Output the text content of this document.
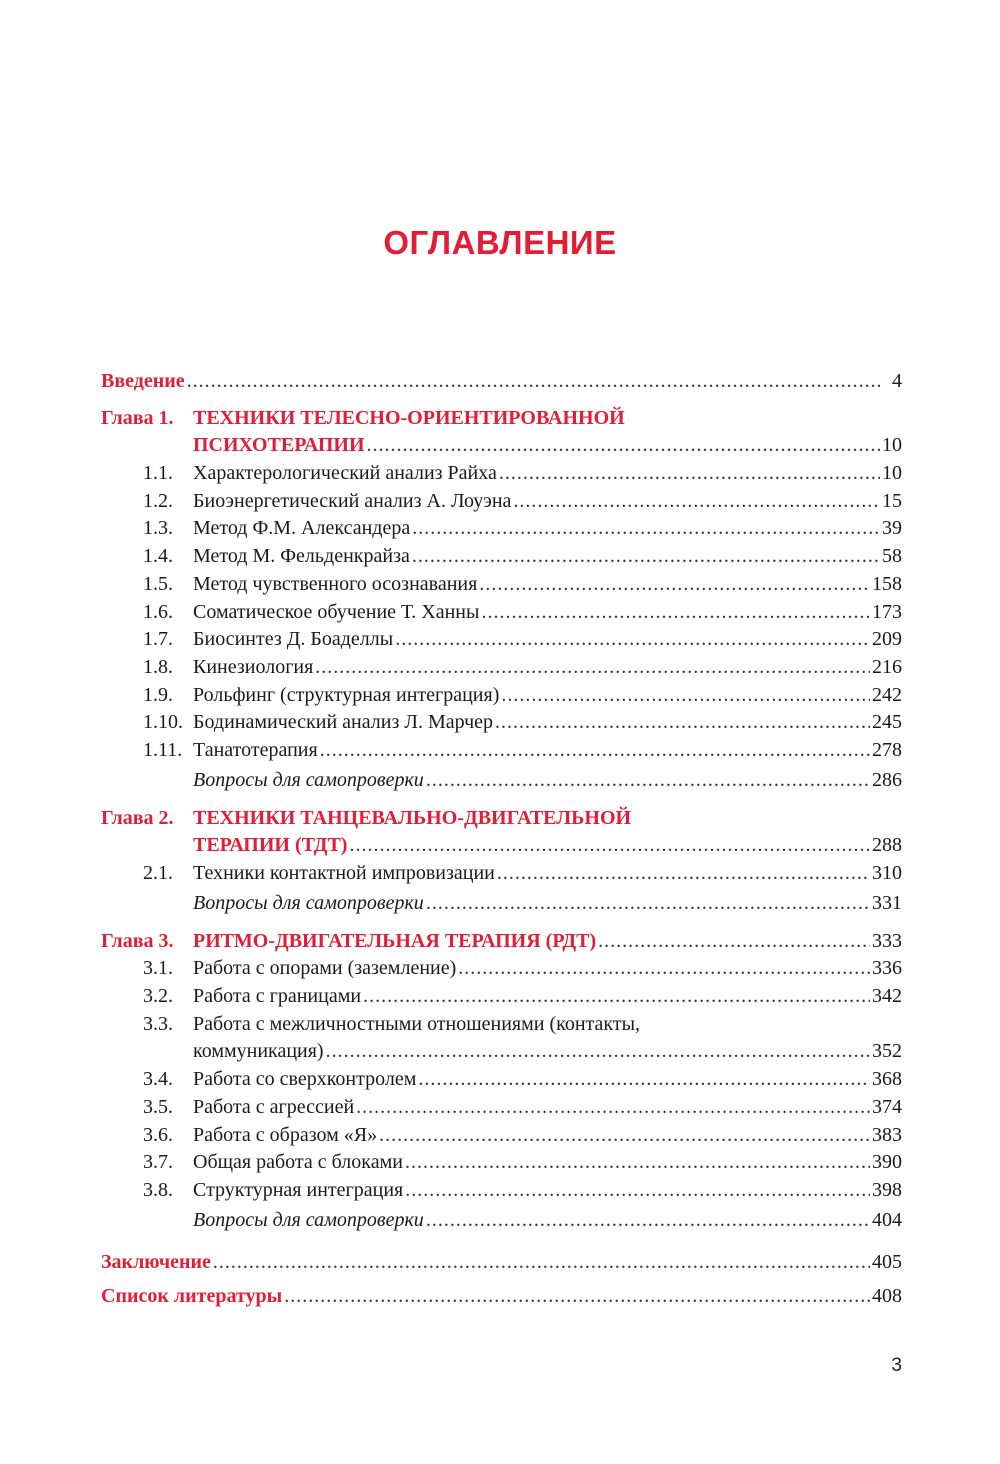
ОГЛАВЛЕНИЕ
Введение .....	4
Глава 1. ТЕХНИКИ ТЕЛЕСНО-ОРИЕНТИРОВАННОЙ
ПСИХОТЕРАПИИ .....	10
1.1.	Характерологический анализ Райха .....	10
1.2.	Биоэнергетический анализ А. Лоуэна .....	15
1.3.	Метод Ф.М. Александера .....	39
1.4.	Метод М. Фельденкрайза .....	58
1.5.	Метод чувственного осознавания .....	158
1.6.	Соматическое обучение Т. Ханны .....	173
1.7.	Биосинтез Д. Боаделлы .....	209
1.8.	Кинезиология .....	216
1.9.	Рольфинг (структурная интеграция) .....	242
1.10. Бодинамический анализ Л. Марчер .....	245
1.11. Танатотерапия .....	278
Вопросы для самопроверки .....	286
Глава 2. ТЕХНИКИ ТАНЦЕВАЛЬНО-ДВИГАТЕЛЬНОЙ
ТЕРАПИИ (ТДТ) .....	288
2.1.	Техники контактной импровизации .....	310
Вопросы для самопроверки .....	331
Глава 3. РИТМО-ДВИГАТЕЛЬНАЯ ТЕРАПИЯ (РДТ) .....	333
3.1.	Работа с опорами (заземление) .....	336
3.2.	Работа с границами .....	342
3.3.	Работа с межличностными отношениями (контакты,
коммуникация) .....	352
3.4.	Работа со сверхконтролем .....	368
3.5.	Работа с агрессией .....	374
3.6.	Работа с образом «Я» .....	383
3.7.	Общая работа с блоками .....	390
3.8.	Структурная интеграция .....	398
Вопросы для самопроверки .....	404
Заключение .....	405
Список литературы .....	408
3
